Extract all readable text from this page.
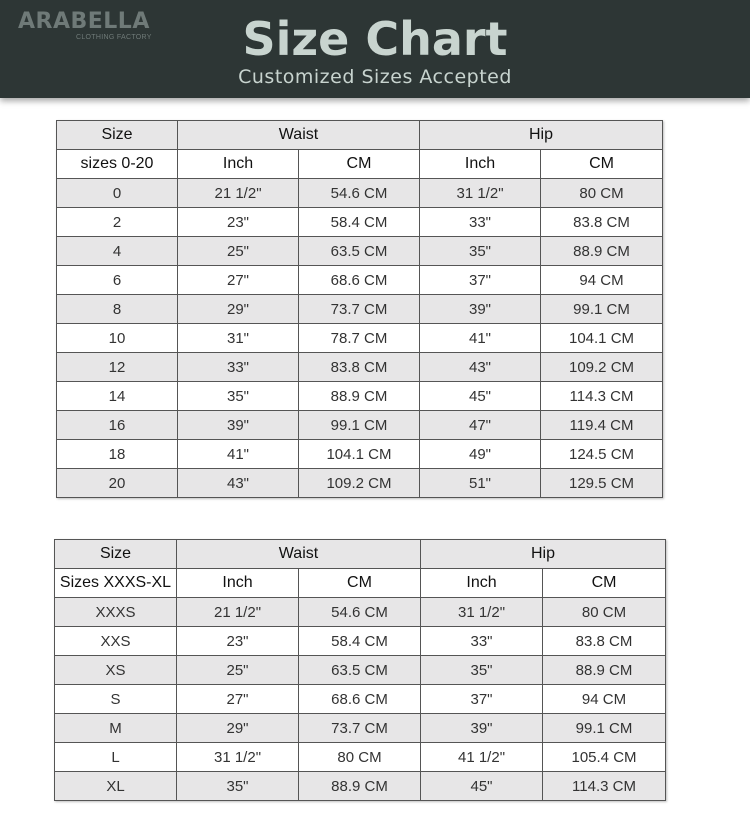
ARABELLA
CLOTHING FACTORY	Size Chart
Customized Sizes Accepted
Size	Waist		Hip	
sizes 0-20	Inch	CM	Inch	CM
0	21 1/2"	54.6 CM	31 1/2"	80 CM
2	23"	58.4 CM	33"	83.8 CM
4	25"	63.5 CM	35"	88.9 CM
6	27"	68.6 CM	37"	94 CM
8	29"	73.7 CM	39"	99.1 CM
10	31"	78.7 CM	41"	104.1 CM
12	33"	83.8 CM	43"	109.2 CM
14	35"	88.9 CM	45"	114.3 CM
16	39"	99.1 CM	47"	119.4 CM
18	41"	104.1 CM	49"	124.5 CM
20	43"	109.2 CM	51"	129.5 CM
Size	Waist		Hip	
Sizes XXXS-XL	Inch	CM	Inch	CM
XXXS	21 1/2"	54.6 CM	31 1/2"	80 CM
XXS	23"	58.4 CM	33"	83.8 CM
XS	25"	63.5 CM	35"	88.9 CM
S	27"	68.6 CM	37"	94 CM
M	29"	73.7 CM	39"	99.1 CM
L	31 1/2"	80 CM	41 1/2"	105.4 CM
XL	35"	88.9 CM	45"	114.3 CM
